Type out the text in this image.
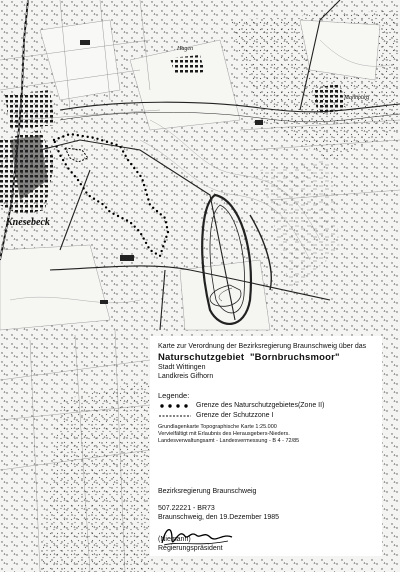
Knesebeck
Hagen
Mahnburg
Karte zur Verordnung der Bezirksregierung Braunschweig über das
Naturschutzgebiet "Bornbruchsmoor"
Stadt Wittingen
Landkreis Gifhorn
Legende:
Grenze des Naturschutzgebietes(Zone II)
Grenze der Schutzzone I
Grundlagenkarte Topographische Karte 1:25.000
Vervielfältigt mit Erlaubnis des Herausgebers-Nieders.
Landesverwaltungsamt - Landesvermessung - B 4 - 72/85
Bezirksregierung Braunschweig
507.22221 - BR73
Braunschweig, den 19.Dezember 1985
(Niemann)
Regierungspräsident
